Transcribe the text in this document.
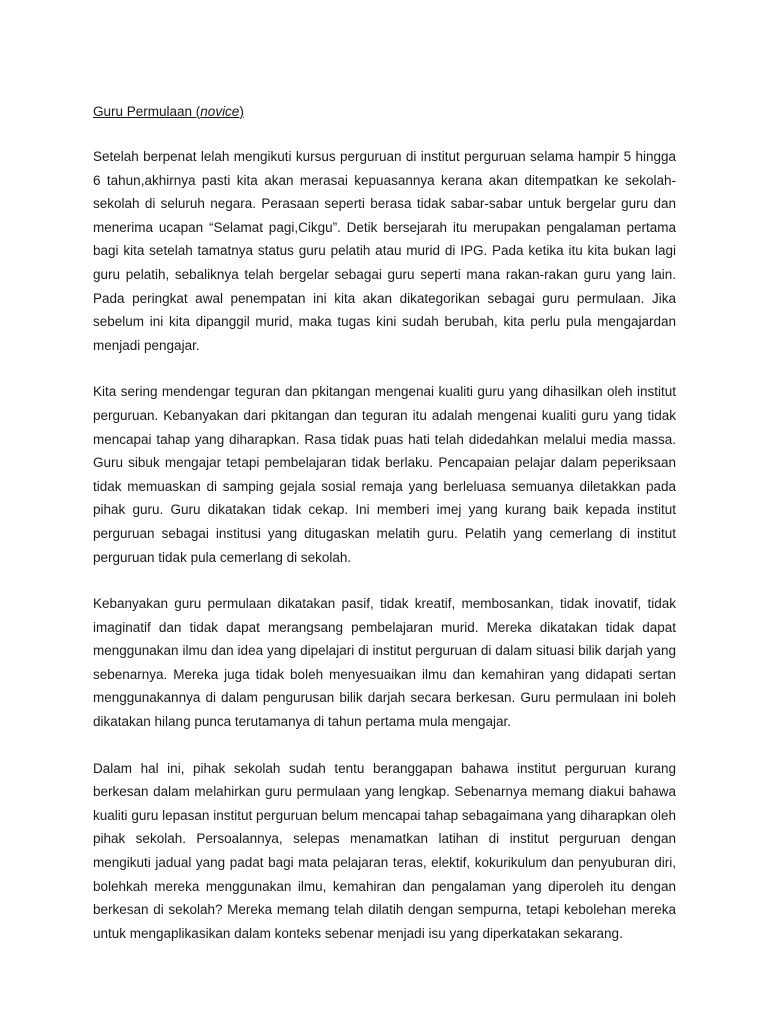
Guru Permulaan (novice)

Setelah berpenat lelah mengikuti kursus perguruan di institut perguruan selama hampir 5 hingga 6 tahun,akhirnya pasti kita akan merasai kepuasannya kerana akan ditempatkan ke sekolah-sekolah di seluruh negara. Perasaan seperti berasa tidak sabar-sabar untuk bergelar guru dan menerima ucapan “Selamat pagi,Cikgu”. Detik bersejarah itu merupakan pengalaman pertama bagi kita setelah tamatnya status guru pelatih atau murid di IPG. Pada ketika itu kita bukan lagi guru pelatih, sebaliknya telah bergelar sebagai guru seperti mana rakan-rakan guru yang lain. Pada peringkat awal penempatan ini kita akan dikategorikan sebagai guru permulaan. Jika sebelum ini kita dipanggil murid, maka tugas kini sudah berubah, kita perlu pula mengajardan menjadi pengajar.

Kita sering mendengar teguran dan pkitangan mengenai kualiti guru yang dihasilkan oleh institut perguruan. Kebanyakan dari pkitangan dan teguran itu adalah mengenai kualiti guru yang tidak mencapai tahap yang diharapkan. Rasa tidak puas hati telah didedahkan melalui media massa. Guru sibuk mengajar tetapi pembelajaran tidak berlaku. Pencapaian pelajar dalam peperiksaan tidak memuaskan di samping gejala sosial remaja yang berleluasa semuanya diletakkan pada pihak guru. Guru dikatakan tidak cekap. Ini memberi imej yang kurang baik kepada institut perguruan sebagai institusi yang ditugaskan melatih guru. Pelatih yang cemerlang di institut perguruan tidak pula cemerlang di sekolah.

Kebanyakan guru permulaan dikatakan pasif, tidak kreatif, membosankan, tidak inovatif, tidak imaginatif dan tidak dapat merangsang pembelajaran murid. Mereka dikatakan tidak dapat menggunakan ilmu dan idea yang dipelajari di institut perguruan di dalam situasi bilik darjah yang sebenarnya. Mereka juga tidak boleh menyesuaikan ilmu dan kemahiran yang didapati sertan menggunakannya di dalam pengurusan bilik darjah secara berkesan. Guru permulaan ini boleh dikatakan hilang punca terutamanya di tahun pertama mula mengajar.

Dalam hal ini, pihak sekolah sudah tentu beranggapan bahawa institut perguruan kurang berkesan dalam melahirkan guru permulaan yang lengkap. Sebenarnya memang diakui bahawa kualiti guru lepasan institut perguruan belum mencapai tahap sebagaimana yang diharapkan oleh pihak sekolah. Persoalannya, selepas menamatkan latihan di institut perguruan dengan mengikuti jadual yang padat bagi mata pelajaran teras, elektif, kokurikulum dan penyuburan diri, bolehkah mereka menggunakan ilmu, kemahiran dan pengalaman yang diperoleh itu dengan berkesan di sekolah? Mereka memang telah dilatih dengan sempurna, tetapi kebolehan mereka untuk mengaplikasikan dalam konteks sebenar menjadi isu yang diperkatakan sekarang.
